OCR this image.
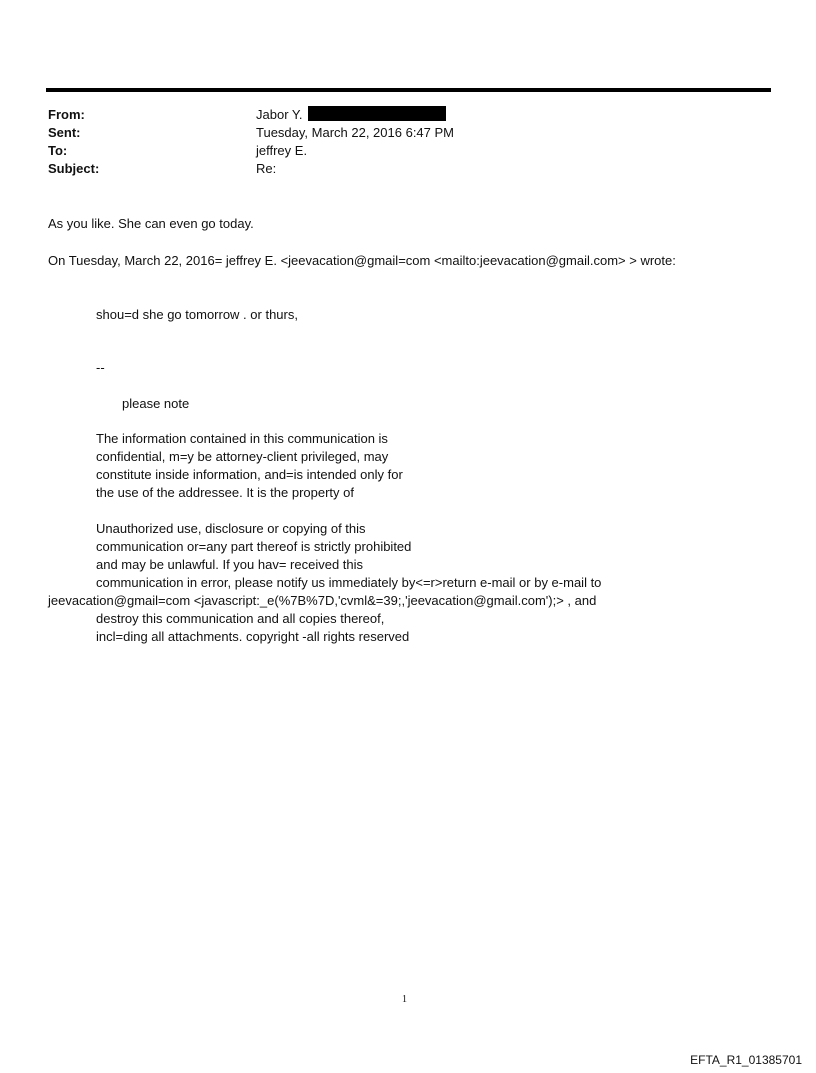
From:	Jabor Y.
Sent:	Tuesday, March 22, 2016 6:47 PM
To:	jeffrey E.
Subject:	Re:
As you like. She can even go today.
On Tuesday, March 22, 2016= jeffrey E. <jeevacation@gmail=com <mailto:jeevacation@gmail.com> > wrote:
shou=d she go tomorrow . or thurs,
--
please note
The information contained in this communication is
confidential, m=y be attorney-client privileged, may
constitute inside information, and=is intended only for
the use of the addressee. It is the property of
Unauthorized use, disclosure or copying of this
communication or=any part thereof is strictly prohibited
and may be unlawful. If you hav= received this
communication in error, please notify us immediately by<=r>return e-mail or by e-mail to
jeevacation@gmail=com <javascript:_e(%7B%7D,'cvml&=39;,'jeevacation@gmail.com');> , and
destroy this communication and all copies thereof,
incl=ding all attachments. copyright -all rights reserved
1
EFTA_R1_01385701
